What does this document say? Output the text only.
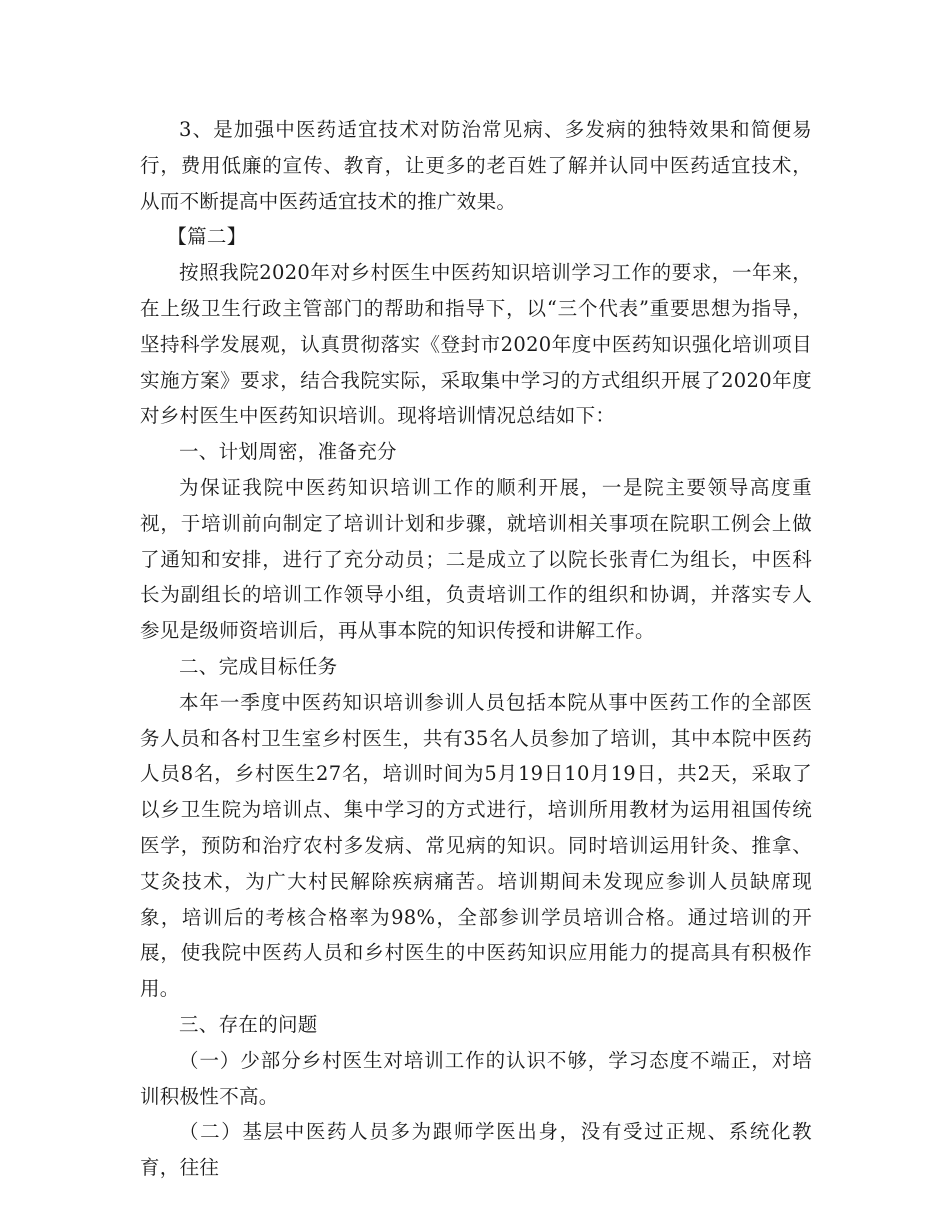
3、是加强中医药适宜技术对防治常见病、多发病的独特效果和简便易行，费用低廉的宣传、教育，让更多的老百姓了解并认同中医药适宜技术，从而不断提高中医药适宜技术的推广效果。

【篇二】

按照我院2020年对乡村医生中医药知识培训学习工作的要求，一年来，在上级卫生行政主管部门的帮助和指导下，以“三个代表”重要思想为指导，坚持科学发展观，认真贯彻落实《登封市2020年度中医药知识强化培训项目实施方案》要求，结合我院实际，采取集中学习的方式组织开展了2020年度对乡村医生中医药知识培训。现将培训情况总结如下：

一、计划周密，准备充分

为保证我院中医药知识培训工作的顺利开展，一是院主要领导高度重视，于培训前向制定了培训计划和步骤，就培训相关事项在院职工例会上做了通知和安排，进行了充分动员；二是成立了以院长张青仁为组长，中医科长为副组长的培训工作领导小组，负责培训工作的组织和协调，并落实专人参见是级师资培训后，再从事本院的知识传授和讲解工作。

二、完成目标任务

本年一季度中医药知识培训参训人员包括本院从事中医药工作的全部医务人员和各村卫生室乡村医生，共有35名人员参加了培训，其中本院中医药人员8名，乡村医生27名，培训时间为5月19日10月19日，共2天，采取了以乡卫生院为培训点、集中学习的方式进行，培训所用教材为运用祖国传统医学，预防和治疗农村多发病、常见病的知识。同时培训运用针灸、推拿、艾灸技术，为广大村民解除疾病痛苦。培训期间未发现应参训人员缺席现象，培训后的考核合格率为98%，全部参训学员培训合格。通过培训的开展，使我院中医药人员和乡村医生的中医药知识应用能力的提高具有积极作用。

三、存在的问题

（一）少部分乡村医生对培训工作的认识不够，学习态度不端正，对培训积极性不高。

（二）基层中医药人员多为跟师学医出身，没有受过正规、系统化教育，往往
